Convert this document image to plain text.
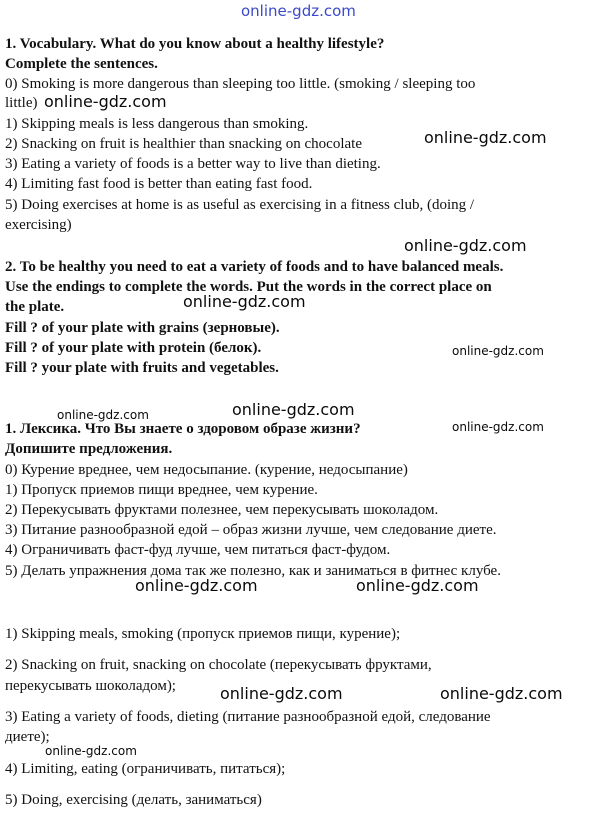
online-gdz.com
1. Vocabulary. What do you know about a healthy lifestyle?
Complete the sentences.
0) Smoking is more dangerous than sleeping too little. (smoking / sleeping too
little)
1) Skipping meals is less dangerous than smoking.
2) Snacking on fruit is healthier than snacking on chocolate
3) Eating a variety of foods is a better way to live than dieting.
4) Limiting fast food is better than eating fast food.
5) Doing exercises at home is as useful as exercising in a fitness club, (doing /
exercising)
2. To be healthy you need to eat a variety of foods and to have balanced meals.
Use the endings to complete the words. Put the words in the correct place on
the plate.
Fill ? of your plate with grains (зерновые).
Fill ? of your plate with protein (белок).
Fill ? your plate with fruits and vegetables.
1. Лексика. Что Вы знаете о здоровом образе жизни?
Допишите предложения.
0) Курение вреднее, чем недосыпание. (курение, недосыпание)
1) Пропуск приемов пищи вреднее, чем курение.
2) Перекусывать фруктами полезнее, чем перекусывать шоколадом.
3) Питание разнообразной едой – образ жизни лучше, чем следование диете.
4) Ограничивать фаст-фуд лучше, чем питаться фаст-фудом.
5) Делать упражнения дома так же полезно, как и заниматься в фитнес клубе.
1) Skipping meals, smoking (пропуск приемов пищи, курение);
2) Snacking on fruit, snacking on chocolate (перекусывать фруктами,
перекусывать шоколадом);
3) Eating a variety of foods, dieting (питание разнообразной едой, следование
диете);
4) Limiting, eating (ограничивать, питаться);
5) Doing, exercising (делать, заниматься)
online-gdz.com
online-gdz.com
online-gdz.com
online-gdz.com
online-gdz.com
online-gdz.com
online-gdz.com
online-gdz.com
online-gdz.com	online-gdz.com
online-gdz.com	online-gdz.com
online-gdz.com
